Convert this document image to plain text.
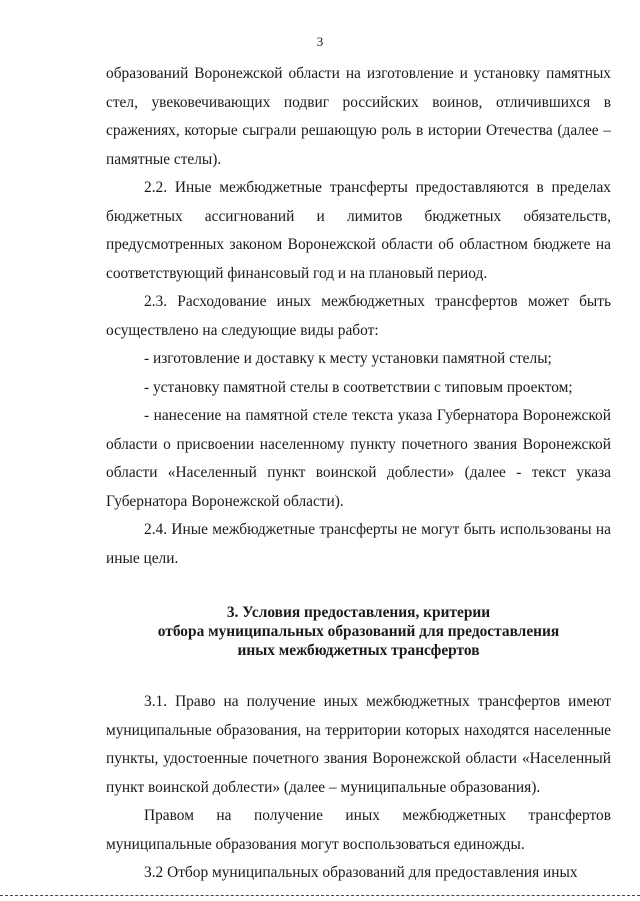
3

образований Воронежской области на изготовление и установку памятных стел, увековечивающих подвиг российских воинов, отличившихся в сражениях, которые сыграли решающую роль в истории Отечества (далее – памятные стелы).

2.2. Иные межбюджетные трансферты предоставляются в пределах бюджетных ассигнований и лимитов бюджетных обязательств, предусмотренных законом Воронежской области об областном бюджете на соответствующий финансовый год и на плановый период.

2.3. Расходование иных межбюджетных трансфертов может быть осуществлено на следующие виды работ:

- изготовление и доставку к месту установки памятной стелы;

- установку памятной стелы в соответствии с типовым проектом;

- нанесение на памятной стеле текста указа Губернатора Воронежской области о присвоении населенному пункту почетного звания Воронежской области «Населенный пункт воинской доблести» (далее - текст указа Губернатора Воронежской области).

2.4. Иные межбюджетные трансферты не могут быть использованы на иные цели.

3. Условия предоставления, критерии
отбора муниципальных образований для предоставления
иных межбюджетных трансфертов

3.1. Право на получение иных межбюджетных трансфертов имеют муниципальные образования, на территории которых находятся населенные пункты, удостоенные почетного звания Воронежской области «Населенный пункт воинской доблести» (далее – муниципальные образования).

Правом на получение иных межбюджетных трансфертов муниципальные образования могут воспользоваться единожды.

3.2 Отбор муниципальных образований для предоставления иных
